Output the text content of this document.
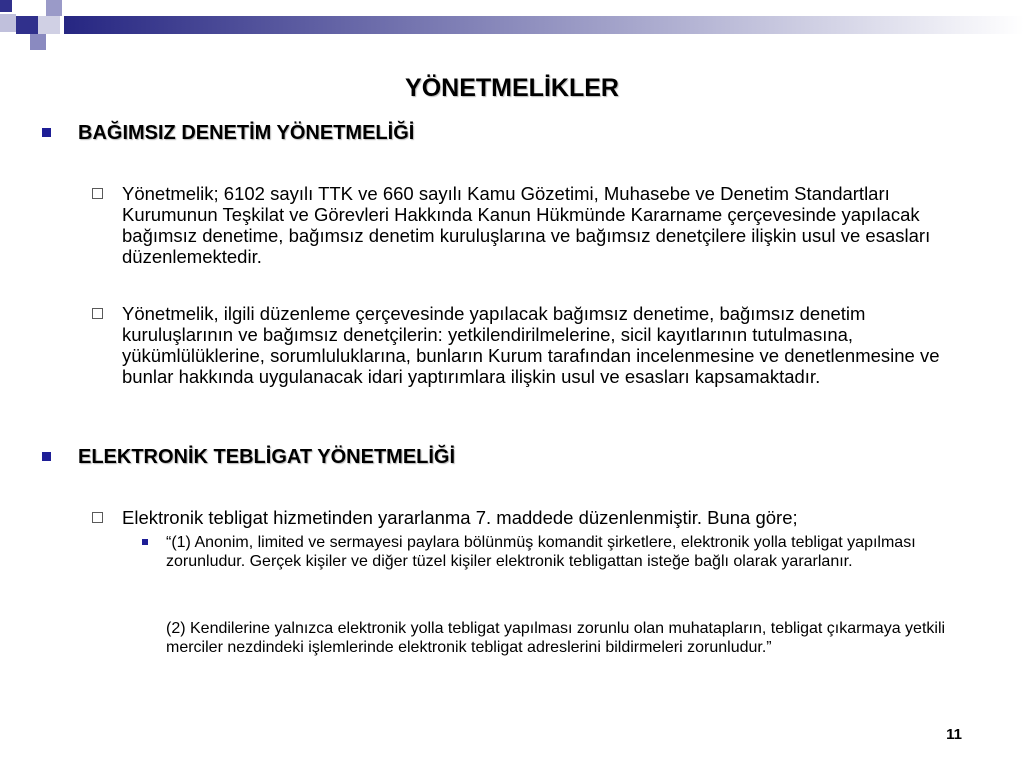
YÖNETMELİKLER
BAĞIMSIZ DENETİM YÖNETMELİĞİ
Yönetmelik; 6102 sayılı TTK ve 660 sayılı Kamu Gözetimi, Muhasebe ve Denetim Standartları Kurumunun Teşkilat ve Görevleri Hakkında Kanun Hükmünde Kararname çerçevesinde yapılacak bağımsız denetime, bağımsız denetim kuruluşlarına ve bağımsız denetçilere ilişkin usul ve esasları düzenlemektedir.
Yönetmelik, ilgili düzenleme çerçevesinde yapılacak bağımsız denetime, bağımsız denetim kuruluşlarının ve bağımsız denetçilerin: yetkilendirilmelerine, sicil kayıtlarının tutulmasına, yükümlülüklerine, sorumluluklarına, bunların Kurum tarafından incelenmesine ve denetlenmesine ve bunlar hakkında uygulanacak idari yaptırımlara ilişkin usul ve esasları kapsamaktadır.
ELEKTRONİK TEBLİGAT YÖNETMELİĞİ
Elektronik tebligat hizmetinden yararlanma 7. maddede düzenlenmiştir. Buna göre;
“(1) Anonim, limited ve sermayesi paylara bölünmüş komandit şirketlere, elektronik yolla tebligat yapılması zorunludur. Gerçek kişiler ve diğer tüzel kişiler elektronik tebligattan isteğe bağlı olarak yararlanır.
(2) Kendilerine yalnızca elektronik yolla tebligat yapılması zorunlu olan muhatapların, tebligat çıkarmaya yetkili merciler nezdindeki işlemlerinde elektronik tebligat adreslerini bildirmeleri zorunludur.”
11
